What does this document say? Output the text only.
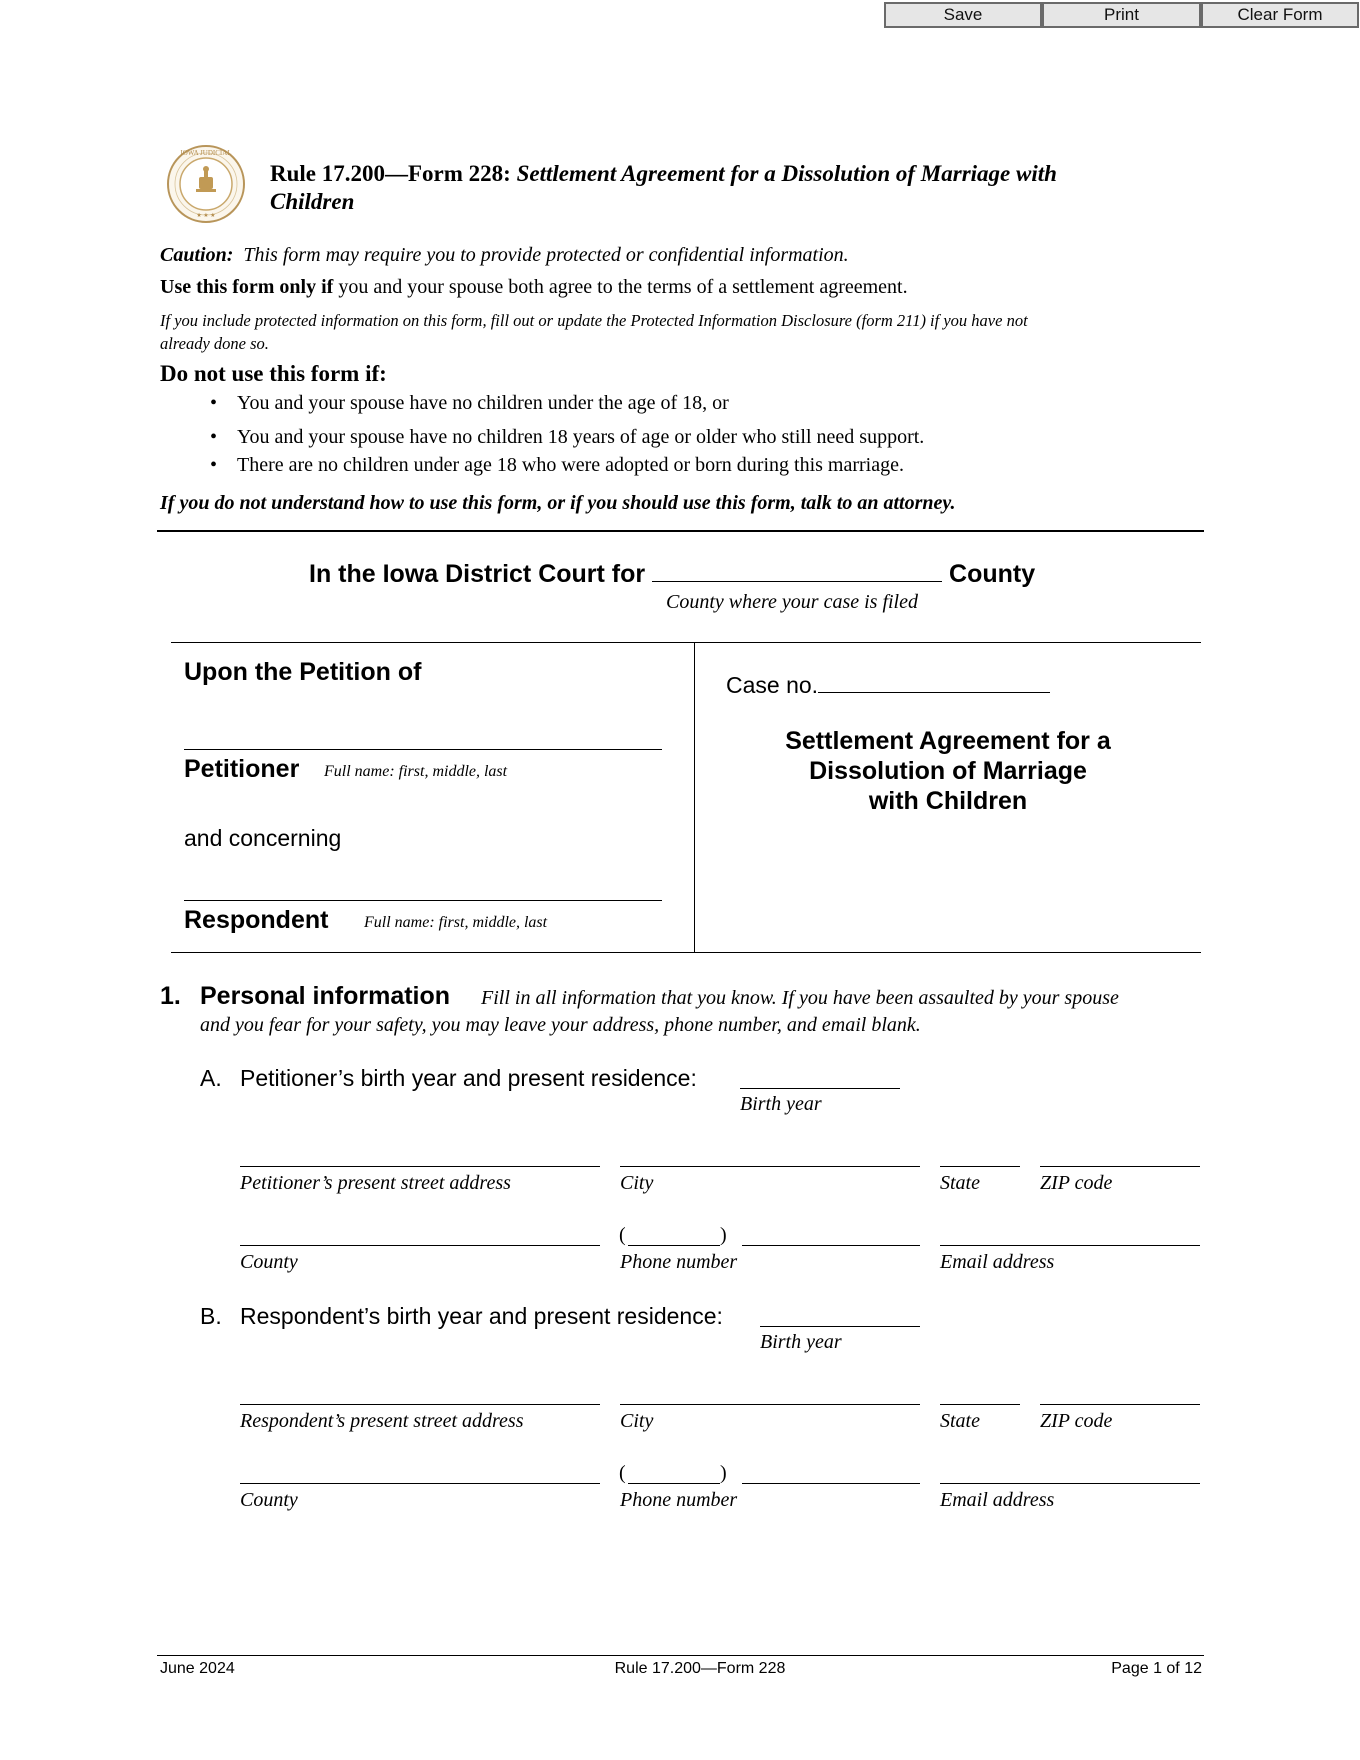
Save	Print	Clear Form
IOWA JUDICIAL
★ ★ ★
Rule 17.200—Form 228: Settlement Agreement for a Dissolution of Marriage with
Children
Caution: This form may require you to provide protected or confidential information.
Use this form only if you and your spouse both agree to the terms of a settlement agreement.
If you include protected information on this form, fill out or update the Protected Information Disclosure (form 211) if you have not
already done so.
Do not use this form if:
• You and your spouse have no children under the age of 18, or
• You and your spouse have no children 18 years of age or older who still need support.
• There are no children under age 18 who were adopted or born during this marriage.
If you do not understand how to use this form, or if you should use this form, talk to an attorney.
In the Iowa District Court for	County
County where your case is filed
Upon the Petition of
Petitioner Full name: first, middle, last
and concerning
Respondent Full name: first, middle, last
Case no.
Settlement Agreement for a
Dissolution of Marriage
with Children
1. Personal information Fill in all information that you know. If you have been assaulted by your spouse
and you fear for your safety, you may leave your address, phone number, and email blank.
A. Petitioner’s birth year and present residence:
Birth year
Petitioner’s present street address	City	State	ZIP code
(	)
County	Phone number	Email address
B. Respondent’s birth year and present residence:
Birth year
Respondent’s present street address	City	State	ZIP code
(	)
County	Phone number	Email address
June 2024	Rule 17.200—Form 228	Page 1 of 12
